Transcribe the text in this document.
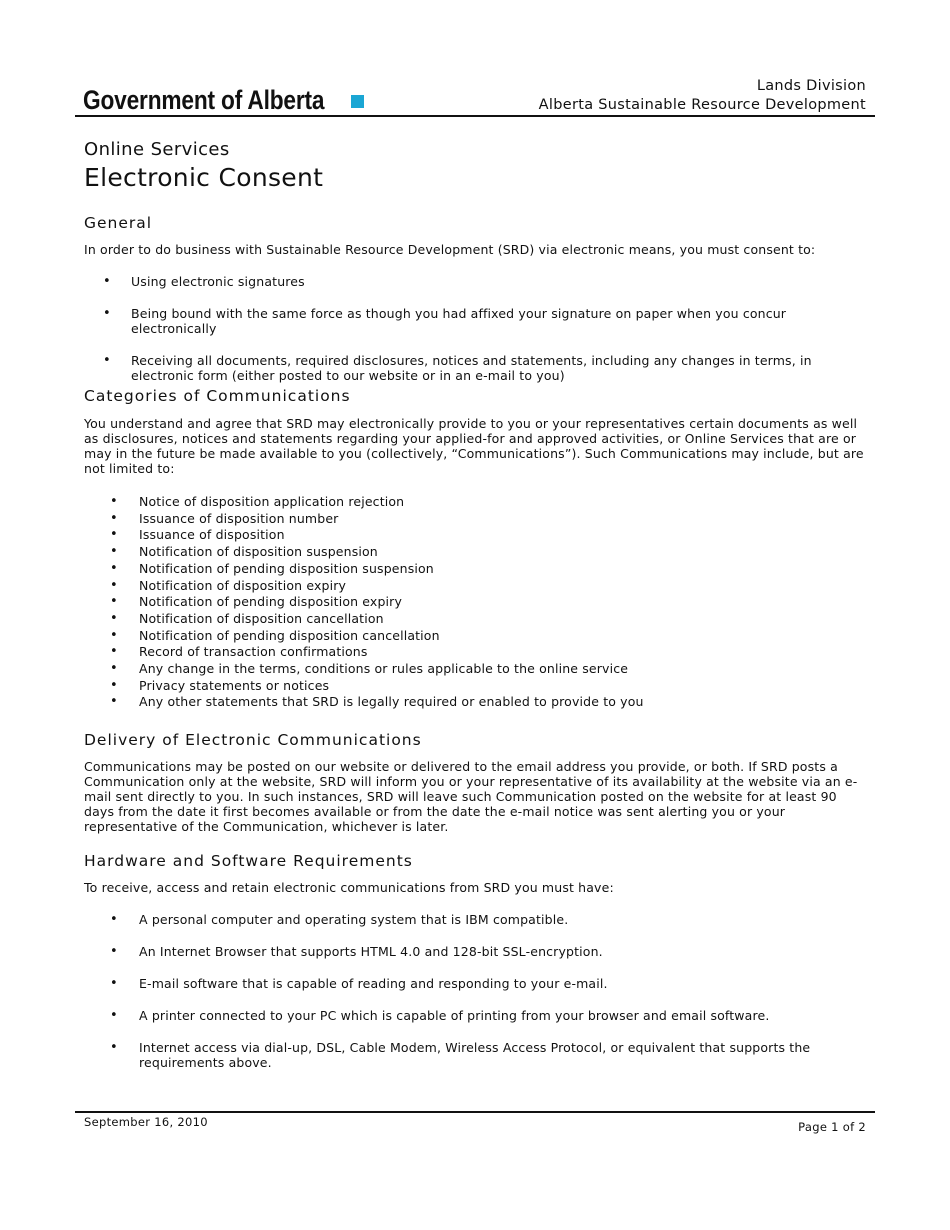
Government of Alberta	Lands Division
Alberta Sustainable Resource Development

Online Services

Electronic Consent
General

In order to do business with Sustainable Resource Development (SRD) via electronic means, you must consent to:

• Using electronic signatures
• Being bound with the same force as though you had affixed your signature on paper when you concur electronically
• Receiving all documents, required disclosures, notices and statements, including any changes in terms, in electronic form (either posted to our website or in an e-mail to you)
Categories of Communications

You understand and agree that SRD may electronically provide to you or your representatives certain documents as well as disclosures, notices and statements regarding your applied-for and approved activities, or Online Services that are or may in the future be made available to you (collectively, “Communications”). Such Communications may include, but are not limited to:

• Notice of disposition application rejection
• Issuance of disposition number
• Issuance of disposition
• Notification of disposition suspension
• Notification of pending disposition suspension
• Notification of disposition expiry
• Notification of pending disposition expiry
• Notification of disposition cancellation
• Notification of pending disposition cancellation
• Record of transaction confirmations
• Any change in the terms, conditions or rules applicable to the online service
• Privacy statements or notices
• Any other statements that SRD is legally required or enabled to provide to you
Delivery of Electronic Communications

Communications may be posted on our website or delivered to the email address you provide, or both. If SRD posts a Communication only at the website, SRD will inform you or your representative of its availability at the website via an e-mail sent directly to you. In such instances, SRD will leave such Communication posted on the website for at least 90 days from the date it first becomes available or from the date the e-mail notice was sent alerting you or your representative of the Communication, whichever is later.

Hardware and Software Requirements

To receive, access and retain electronic communications from SRD you must have:

• A personal computer and operating system that is IBM compatible.
• An Internet Browser that supports HTML 4.0 and 128-bit SSL-encryption.
• E-mail software that is capable of reading and responding to your e-mail.
• A printer connected to your PC which is capable of printing from your browser and email software.
• Internet access via dial-up, DSL, Cable Modem, Wireless Access Protocol, or equivalent that supports the requirements above.
September 16, 2010	Page 1 of 2
